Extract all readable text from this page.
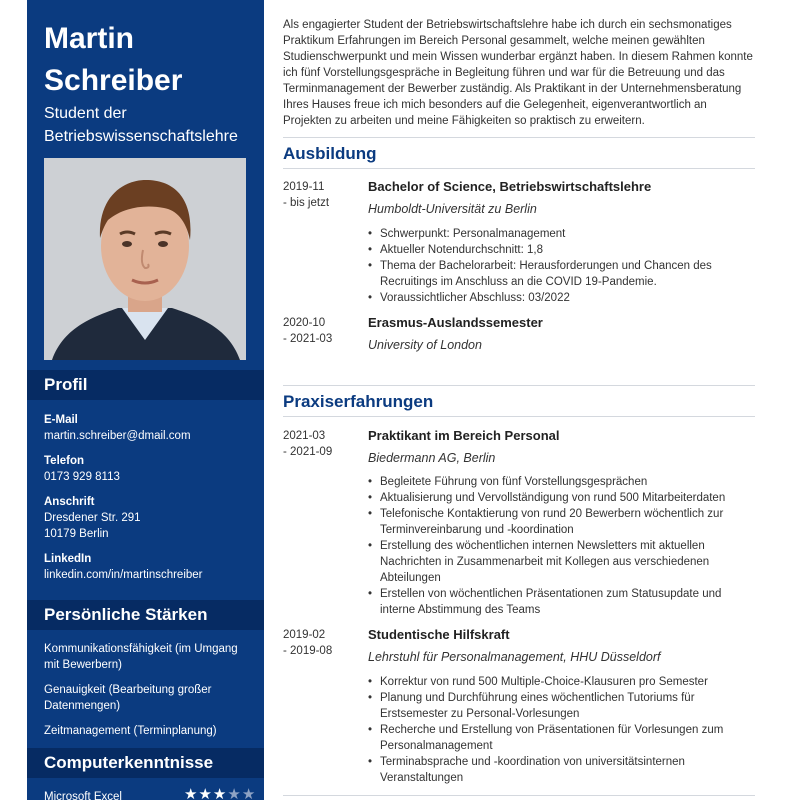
Martin
Schreiber
Student der Betriebswissenschaftslehre
Profil
E-Mail
martin.schreiber@dmail.com
Telefon
0173 929 8113
Anschrift
Dresdener Str. 291
10179 Berlin
LinkedIn
linkedin.com/in/martinschreiber
Persönliche Stärken
Kommunikationsfähigkeit (im Umgang mit Bewerbern)
Genauigkeit (Bearbeitung großer Datenmengen)
Zeitmanagement (Terminplanung)
Computerkenntnisse
Microsoft Excel	★★★★★
Als engagierter Student der Betriebswirtschaftslehre habe ich durch ein sechsmonatiges Praktikum Erfahrungen im Bereich Personal gesammelt, welche meinen gewählten Studienschwerpunkt und mein Wissen wunderbar ergänzt haben. In diesem Rahmen konnte ich fünf Vorstellungsgespräche in Begleitung führen und war für die Betreuung und das Terminmanagement der Bewerber zuständig. Als Praktikant in der Unternehmensberatung Ihres Hauses freue ich mich besonders auf die Gelegenheit, eigenverantwortlich an Projekten zu arbeiten und meine Fähigkeiten so praktisch zu erweitern.
Ausbildung
2019-11
- bis jetzt
Bachelor of Science, Betriebswirtschaftslehre
Humboldt-Universität zu Berlin
• Schwerpunkt: Personalmanagement
• Aktueller Notendurchschnitt: 1,8
• Thema der Bachelorarbeit: Herausforderungen und Chancen des Recruitings im Anschluss an die COVID 19-Pandemie.
• Voraussichtlicher Abschluss: 03/2022
2020-10
- 2021-03
Erasmus-Auslandssemester
University of London
Praxiserfahrungen
2021-03
- 2021-09
Praktikant im Bereich Personal
Biedermann AG, Berlin
• Begleitete Führung von fünf Vorstellungsgesprächen
• Aktualisierung und Vervollständigung von rund 500 Mitarbeiterdaten
• Telefonische Kontaktierung von rund 20 Bewerbern wöchentlich zur Terminvereinbarung und -koordination
• Erstellung des wöchentlichen internen Newsletters mit aktuellen Nachrichten in Zusammenarbeit mit Kollegen aus verschiedenen Abteilungen
• Erstellen von wöchentlichen Präsentationen zum Statusupdate und interne Abstimmung des Teams
2019-02
- 2019-08
Studentische Hilfskraft
Lehrstuhl für Personalmanagement, HHU Düsseldorf
• Korrektur von rund 500 Multiple-Choice-Klausuren pro Semester
• Planung und Durchführung eines wöchentlichen Tutoriums für Erstsemester zu Personal-Vorlesungen
• Recherche und Erstellung von Präsentationen für Vorlesungen zum Personalmanagement
• Terminabsprache und -koordination von universitätsinternen Veranstaltungen
